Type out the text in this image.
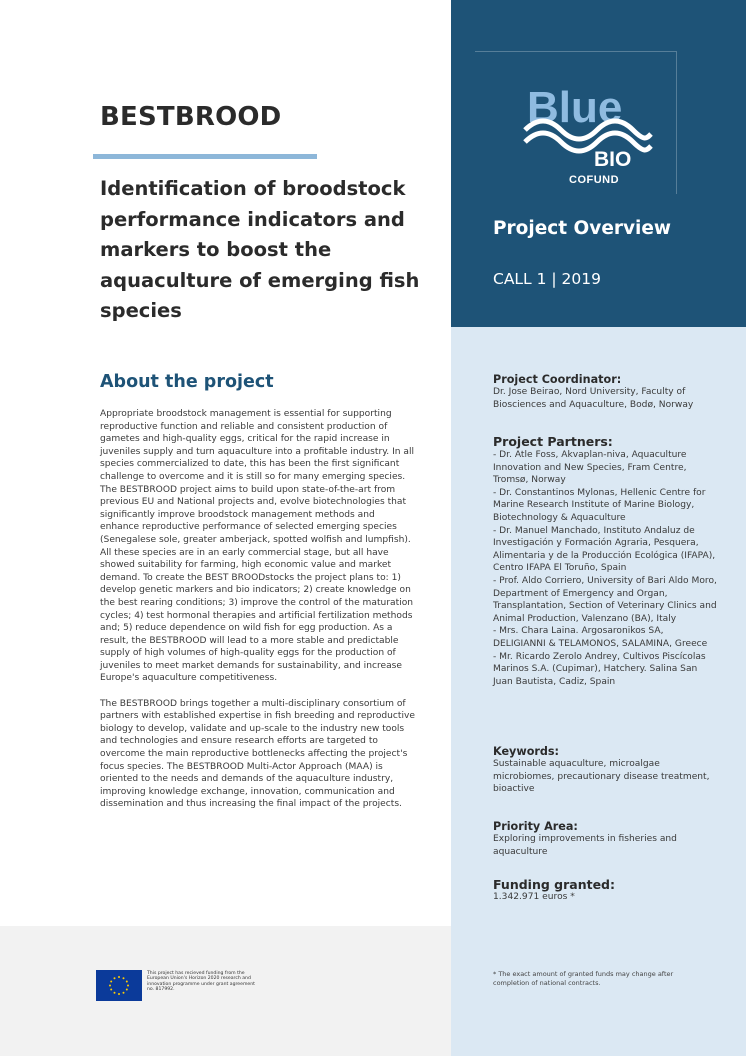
BESTBROOD
Identification of broodstock performance indicators and markers to boost the aquaculture of emerging fish species
About the project

Appropriate broodstock management is essential for supporting reproductive function and reliable and consistent production of gametes and high-quality eggs, critical for the rapid increase in juveniles supply and turn aquaculture into a profitable industry. In all species commercialized to date, this has been the first significant challenge to overcome and it is still so for many emerging species. The BESTBROOD project aims to build upon state-of-the-art from previous EU and National projects and, evolve biotechnologies that significantly improve broodstock management methods and enhance reproductive performance of selected emerging species (Senegalese sole, greater amberjack, spotted wolfish and lumpfish). All these species are in an early commercial stage, but all have showed suitability for farming, high economic value and market demand. To create the BEST BROODstocks the project plans to: 1) develop genetic markers and bio indicators; 2) create knowledge on the best rearing conditions; 3) improve the control of the maturation cycles; 4) test hormonal therapies and artificial fertilization methods and; 5) reduce dependence on wild fish for egg production. As a result, the BESTBROOD will lead to a more stable and predictable supply of high volumes of high-quality eggs for the production of juveniles to meet market demands for sustainability, and increase Europe's aquaculture competitiveness.

The BESTBROOD brings together a multi-disciplinary consortium of partners with established expertise in fish breeding and reproductive biology to develop, validate and up-scale to the industry new tools and technologies and ensure research efforts are targeted to overcome the main reproductive bottlenecks affecting the project's focus species. The BESTBROOD Multi-Actor Approach (MAA) is oriented to the needs and demands of the aquaculture industry, improving knowledge exchange, innovation, communication and dissemination and thus increasing the final impact of the projects.

Blue
BIO
COFUND
Project Overview
CALL 1 | 2019
Project Coordinator:
Dr. Jose Beirao, Nord University, Faculty of Biosciences and Aquaculture, Bodø, Norway
Project Partners:
- Dr. Atle Foss, Akvaplan-niva, Aquaculture Innovation and New Species, Fram Centre, Tromsø, Norway
- Dr. Constantinos Mylonas, Hellenic Centre for Marine Research Institute of Marine Biology, Biotechnology & Aquaculture
- Dr. Manuel Manchado, Instituto Andaluz de Investigación y Formación Agraria, Pesquera, Alimentaria y de la Producción Ecológica (IFAPA), Centro IFAPA El Toruño, Spain
- Prof. Aldo Corriero, University of Bari Aldo Moro, Department of Emergency and Organ, Transplantation, Section of Veterinary Clinics and Animal Production, Valenzano (BA), Italy
- Mrs. Chara Laina. Argosaronikos SA, DELIGIANNI & TELAMONOS, SALAMINA, Greece
- Mr. Ricardo Zerolo Andrey, Cultivos Piscícolas Marinos S.A. (Cupimar), Hatchery. Salina San Juan Bautista, Cadiz, Spain
Keywords:
Sustainable aquaculture, microalgae microbiomes, precautionary disease treatment, bioactive
Priority Area:
Exploring improvements in fisheries and aquaculture
Funding granted:
1.342.971 euros *
* The exact amount of granted funds may change after completion of national contracts.
This project has recieved funding from the European Union's Horizon 2020 research and innovation programme under grant agreement no. 817992.
